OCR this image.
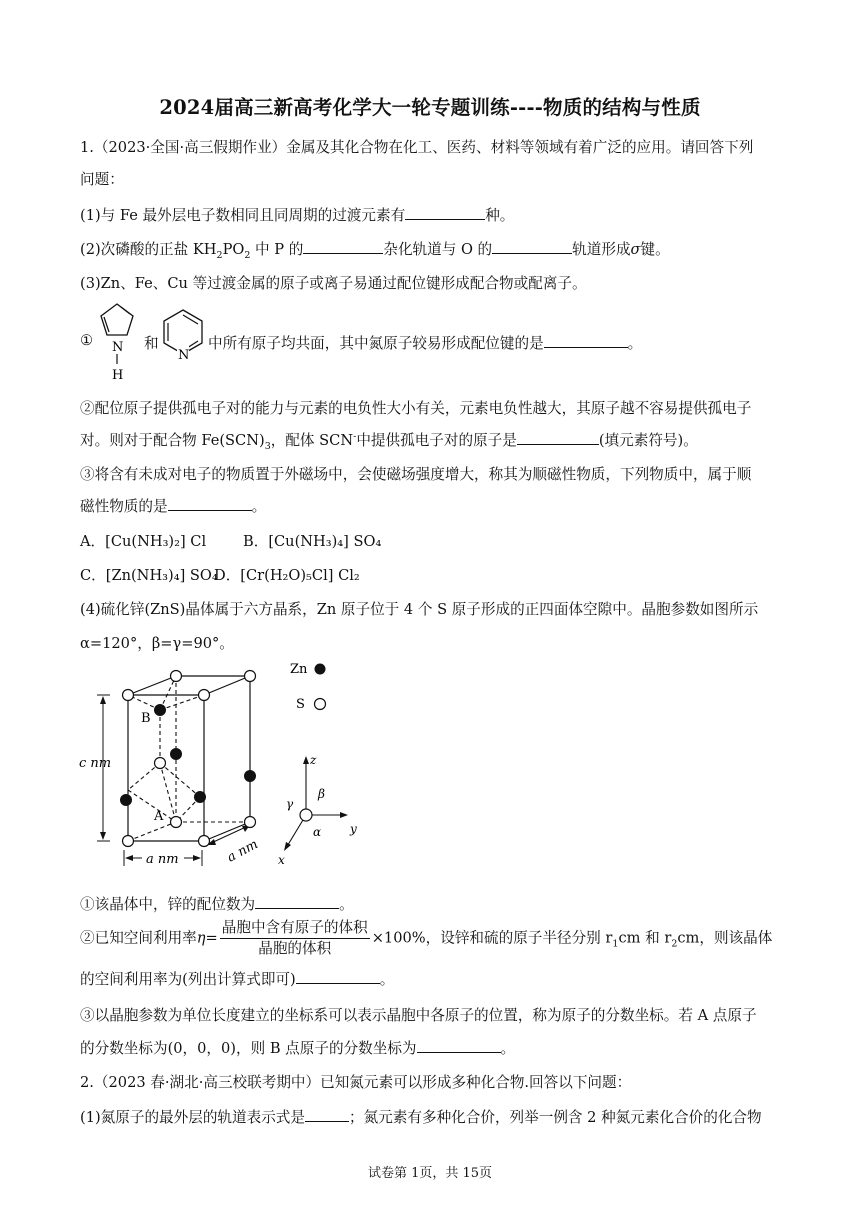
2024届高三新高考化学大一轮专题训练----物质的结构与性质
1.（2023·全国·高三假期作业）金属及其化合物在化工、医药、材料等领域有着广泛的应用。请回答下列
问题：
(1)与 Fe 最外层电子数相同且同周期的过渡元素有	种。
(2)次磷酸的正盐 $KH_2PO_2$ 中 P 的	杂化轨道与 O 的	轨道形成σ键。
(3)Zn、Fe、Cu 等过渡金属的原子或离子易通过配位键形成配合物或配离子。
① N
H
和
N
中所有原子均共面，其中氮原子较易形成配位键的是	。
②配位原子提供孤电子对的能力与元素的电负性大小有关，元素电负性越大，其原子越不容易提供孤电子
对。则对于配合物 $Fe(SCN)_3$，配体 SCN-中提供孤电子对的原子是	(填元素符号)。
③将含有未成对电子的物质置于外磁场中，会使磁场强度增大，称其为顺磁性物质，下列物质中，属于顺
磁性物质的是	。
A．[Cu(NH₃)₂] Cl	B．[Cu(NH₃)₄] SO₄
C．[Zn(NH₃)₄] SO₄
D．[Cr(H₂O)₅Cl] Cl₂
(4)硫化锌(ZnS)晶体属于六方晶系，Zn 原子位于 4 个 S 原子形成的正四面体空隙中。晶胞参数如图所示
α=120°，β=γ=90°。
c nm
a nm	a nm
B
A
Zn
S
z
y
x
β
γ
α
①该晶体中，锌的配位数为	。
②已知空间利用率$\eta= \frac{\text{晶胞中含有原子的体积}}{\text{晶胞的体积}} \times 100\%$，设锌和硫的原子半径分别 $r_1cm$ 和 $r_2cm$，则该晶体
的空间利用率为(列出计算式即可)	。
③以晶胞参数为单位长度建立的坐标系可以表示晶胞中各原子的位置，称为原子的分数坐标。若 A 点原子
的分数坐标为(0，0，0)，则 B 点原子的分数坐标为	。
2.（2023 春·湖北·高三校联考期中）已知氮元素可以形成多种化合物.回答以下问题：
(1)氮原子的最外层的轨道表示式是	；氮元素有多种化合价，列举一例含 2 种氮元素化合价的化合物
试卷第 1页，共 15页
